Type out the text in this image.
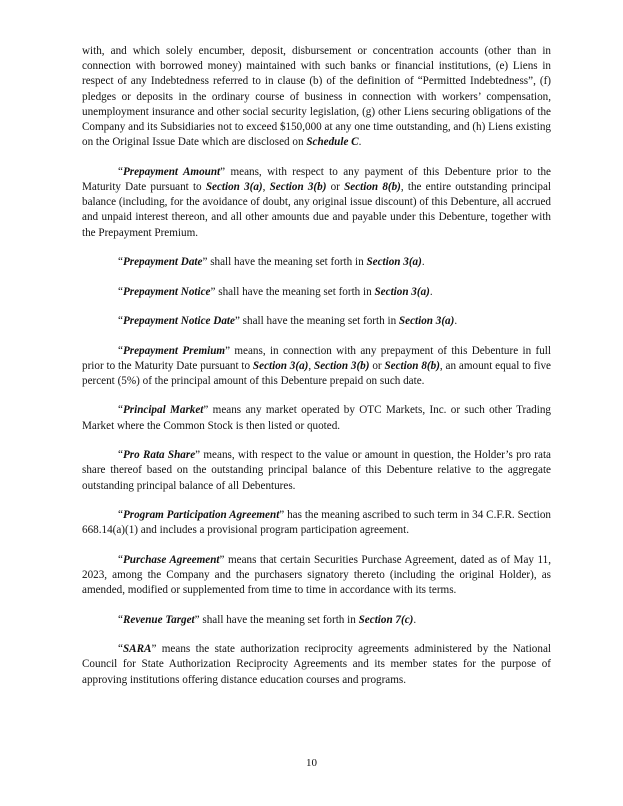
with, and which solely encumber, deposit, disbursement or concentration accounts (other than in connection with borrowed money) maintained with such banks or financial institutions, (e) Liens in respect of any Indebtedness referred to in clause (b) of the definition of “Permitted Indebtedness”, (f) pledges or deposits in the ordinary course of business in connection with workers’ compensation, unemployment insurance and other social security legislation, (g) other Liens securing obligations of the Company and its Subsidiaries not to exceed $150,000 at any one time outstanding, and (h) Liens existing on the Original Issue Date which are disclosed on Schedule C.

“Prepayment Amount” means, with respect to any payment of this Debenture prior to the Maturity Date pursuant to Section 3(a), Section 3(b) or Section 8(b), the entire outstanding principal balance (including, for the avoidance of doubt, any original issue discount) of this Debenture, all accrued and unpaid interest thereon, and all other amounts due and payable under this Debenture, together with the Prepayment Premium.

“Prepayment Date” shall have the meaning set forth in Section 3(a).

“Prepayment Notice” shall have the meaning set forth in Section 3(a).

“Prepayment Notice Date” shall have the meaning set forth in Section 3(a).

“Prepayment Premium” means, in connection with any prepayment of this Debenture in full prior to the Maturity Date pursuant to Section 3(a), Section 3(b) or Section 8(b), an amount equal to five percent (5%) of the principal amount of this Debenture prepaid on such date.

“Principal Market” means any market operated by OTC Markets, Inc. or such other Trading Market where the Common Stock is then listed or quoted.

“Pro Rata Share” means, with respect to the value or amount in question, the Holder’s pro rata share thereof based on the outstanding principal balance of this Debenture relative to the aggregate outstanding principal balance of all Debentures.

“Program Participation Agreement” has the meaning ascribed to such term in 34 C.F.R. Section 668.14(a)(1) and includes a provisional program participation agreement.

“Purchase Agreement” means that certain Securities Purchase Agreement, dated as of May 11, 2023, among the Company and the purchasers signatory thereto (including the original Holder), as amended, modified or supplemented from time to time in accordance with its terms.

“Revenue Target” shall have the meaning set forth in Section 7(c).

“SARA” means the state authorization reciprocity agreements administered by the National Council for State Authorization Reciprocity Agreements and its member states for the purpose of approving institutions offering distance education courses and programs.

10
